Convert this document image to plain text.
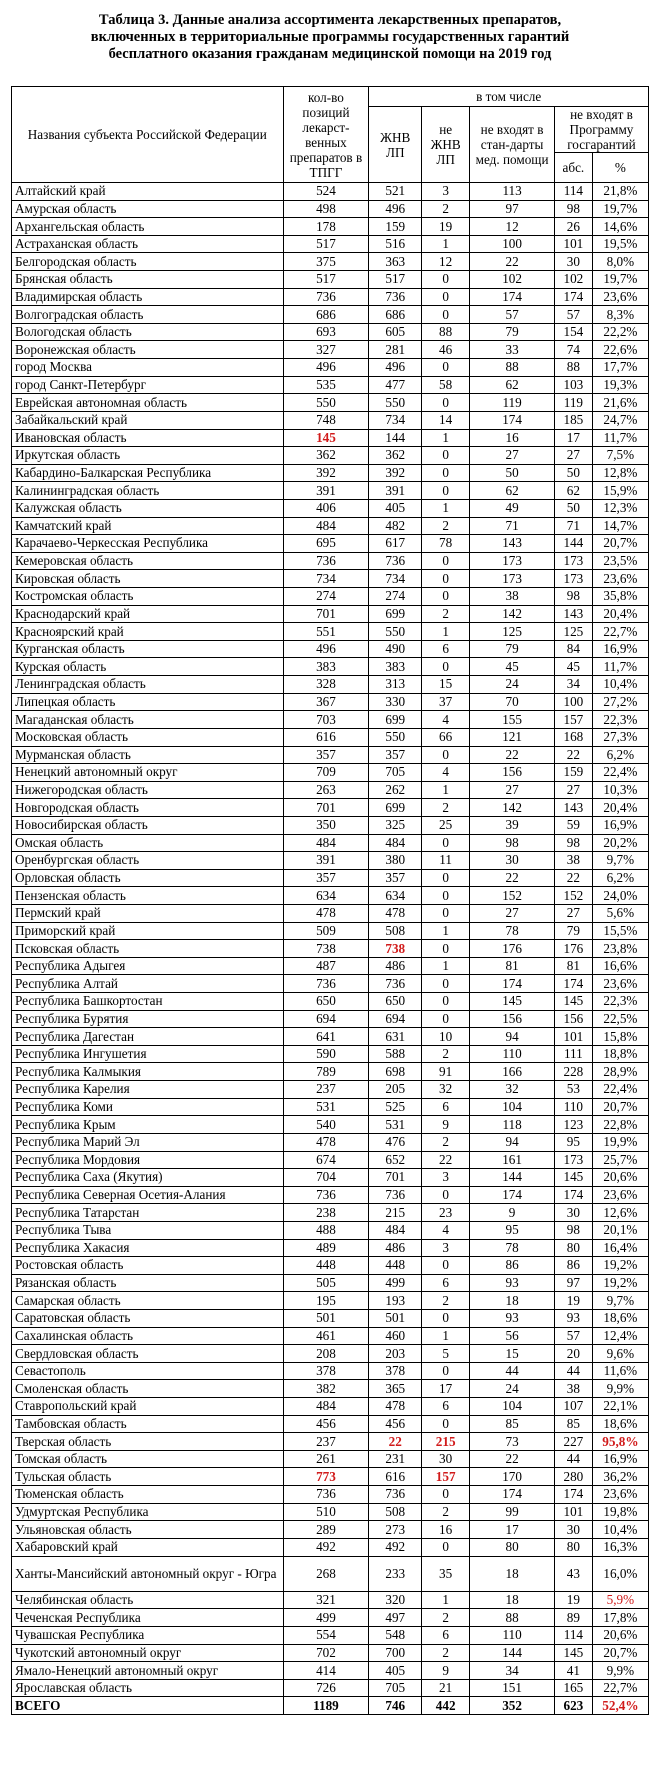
Таблица 3. Данные анализа ассортимента лекарственных препаратов,
включенных в территориальные программы государственных гарантий
бесплатного оказания гражданам медицинской помощи на 2019 год
Названия субъекта Российской Федерации	кол-во позиций лекарст-венных препаратов в ТПГГ	в том числе				
		ЖНВ ЛП	не ЖНВ ЛП	не входят в стан-дарты мед. помощи	не входят в Программу госгарантий	
					абс.	%
Алтайский край	524	521	3	113	114	21,8%
Амурская область	498	496	2	97	98	19,7%
Архангельская область	178	159	19	12	26	14,6%
Астраханская область	517	516	1	100	101	19,5%
Белгородская область	375	363	12	22	30	8,0%
Брянская область	517	517	0	102	102	19,7%
Владимирская область	736	736	0	174	174	23,6%
Волгоградская область	686	686	0	57	57	8,3%
Вологодская область	693	605	88	79	154	22,2%
Воронежская область	327	281	46	33	74	22,6%
город Москва	496	496	0	88	88	17,7%
город Санкт-Петербург	535	477	58	62	103	19,3%
Еврейская автономная область	550	550	0	119	119	21,6%
Забайкальский край	748	734	14	174	185	24,7%
Ивановская область	145	144	1	16	17	11,7%
Иркутская область	362	362	0	27	27	7,5%
Кабардино-Балкарская Республика	392	392	0	50	50	12,8%
Калининградская область	391	391	0	62	62	15,9%
Калужская область	406	405	1	49	50	12,3%
Камчатский край	484	482	2	71	71	14,7%
Карачаево-Черкесская Республика	695	617	78	143	144	20,7%
Кемеровская область	736	736	0	173	173	23,5%
Кировская область	734	734	0	173	173	23,6%
Костромская область	274	274	0	38	98	35,8%
Краснодарский край	701	699	2	142	143	20,4%
Красноярский край	551	550	1	125	125	22,7%
Курганская область	496	490	6	79	84	16,9%
Курская область	383	383	0	45	45	11,7%
Ленинградская область	328	313	15	24	34	10,4%
Липецкая область	367	330	37	70	100	27,2%
Магаданская область	703	699	4	155	157	22,3%
Московская область	616	550	66	121	168	27,3%
Мурманская область	357	357	0	22	22	6,2%
Ненецкий автономный округ	709	705	4	156	159	22,4%
Нижегородская область	263	262	1	27	27	10,3%
Новгородская область	701	699	2	142	143	20,4%
Новосибирская область	350	325	25	39	59	16,9%
Омская область	484	484	0	98	98	20,2%
Оренбургская область	391	380	11	30	38	9,7%
Орловская область	357	357	0	22	22	6,2%
Пензенская область	634	634	0	152	152	24,0%
Пермский край	478	478	0	27	27	5,6%
Приморский край	509	508	1	78	79	15,5%
Псковская область	738	738	0	176	176	23,8%
Республика Адыгея	487	486	1	81	81	16,6%
Республика Алтай	736	736	0	174	174	23,6%
Республика Башкортостан	650	650	0	145	145	22,3%
Республика Бурятия	694	694	0	156	156	22,5%
Республика Дагестан	641	631	10	94	101	15,8%
Республика Ингушетия	590	588	2	110	111	18,8%
Республика Калмыкия	789	698	91	166	228	28,9%
Республика Карелия	237	205	32	32	53	22,4%
Республика Коми	531	525	6	104	110	20,7%
Республика Крым	540	531	9	118	123	22,8%
Республика Марий Эл	478	476	2	94	95	19,9%
Республика Мордовия	674	652	22	161	173	25,7%
Республика Саха (Якутия)	704	701	3	144	145	20,6%
Республика Северная Осетия-Алания	736	736	0	174	174	23,6%
Республика Татарстан	238	215	23	9	30	12,6%
Республика Тыва	488	484	4	95	98	20,1%
Республика Хакасия	489	486	3	78	80	16,4%
Ростовская область	448	448	0	86	86	19,2%
Рязанская область	505	499	6	93	97	19,2%
Самарская область	195	193	2	18	19	9,7%
Саратовская область	501	501	0	93	93	18,6%
Сахалинская область	461	460	1	56	57	12,4%
Свердловская область	208	203	5	15	20	9,6%
Севастополь	378	378	0	44	44	11,6%
Смоленская область	382	365	17	24	38	9,9%
Ставропольский край	484	478	6	104	107	22,1%
Тамбовская область	456	456	0	85	85	18,6%
Тверская область	237	22	215	73	227	95,8%
Томская область	261	231	30	22	44	16,9%
Тульская область	773	616	157	170	280	36,2%
Тюменская область	736	736	0	174	174	23,6%
Удмуртская Республика	510	508	2	99	101	19,8%
Ульяновская область	289	273	16	17	30	10,4%
Хабаровский край	492	492	0	80	80	16,3%
Ханты-Мансийский автономный округ - Югра	268	233	35	18	43	16,0%
Челябинская область	321	320	1	18	19	5,9%
Чеченская Республика	499	497	2	88	89	17,8%
Чувашская Республика	554	548	6	110	114	20,6%
Чукотский автономный округ	702	700	2	144	145	20,7%
Ямало-Ненецкий автономный округ	414	405	9	34	41	9,9%
Ярославская область	726	705	21	151	165	22,7%
ВСЕГО	1189	746	442	352	623	52,4%
